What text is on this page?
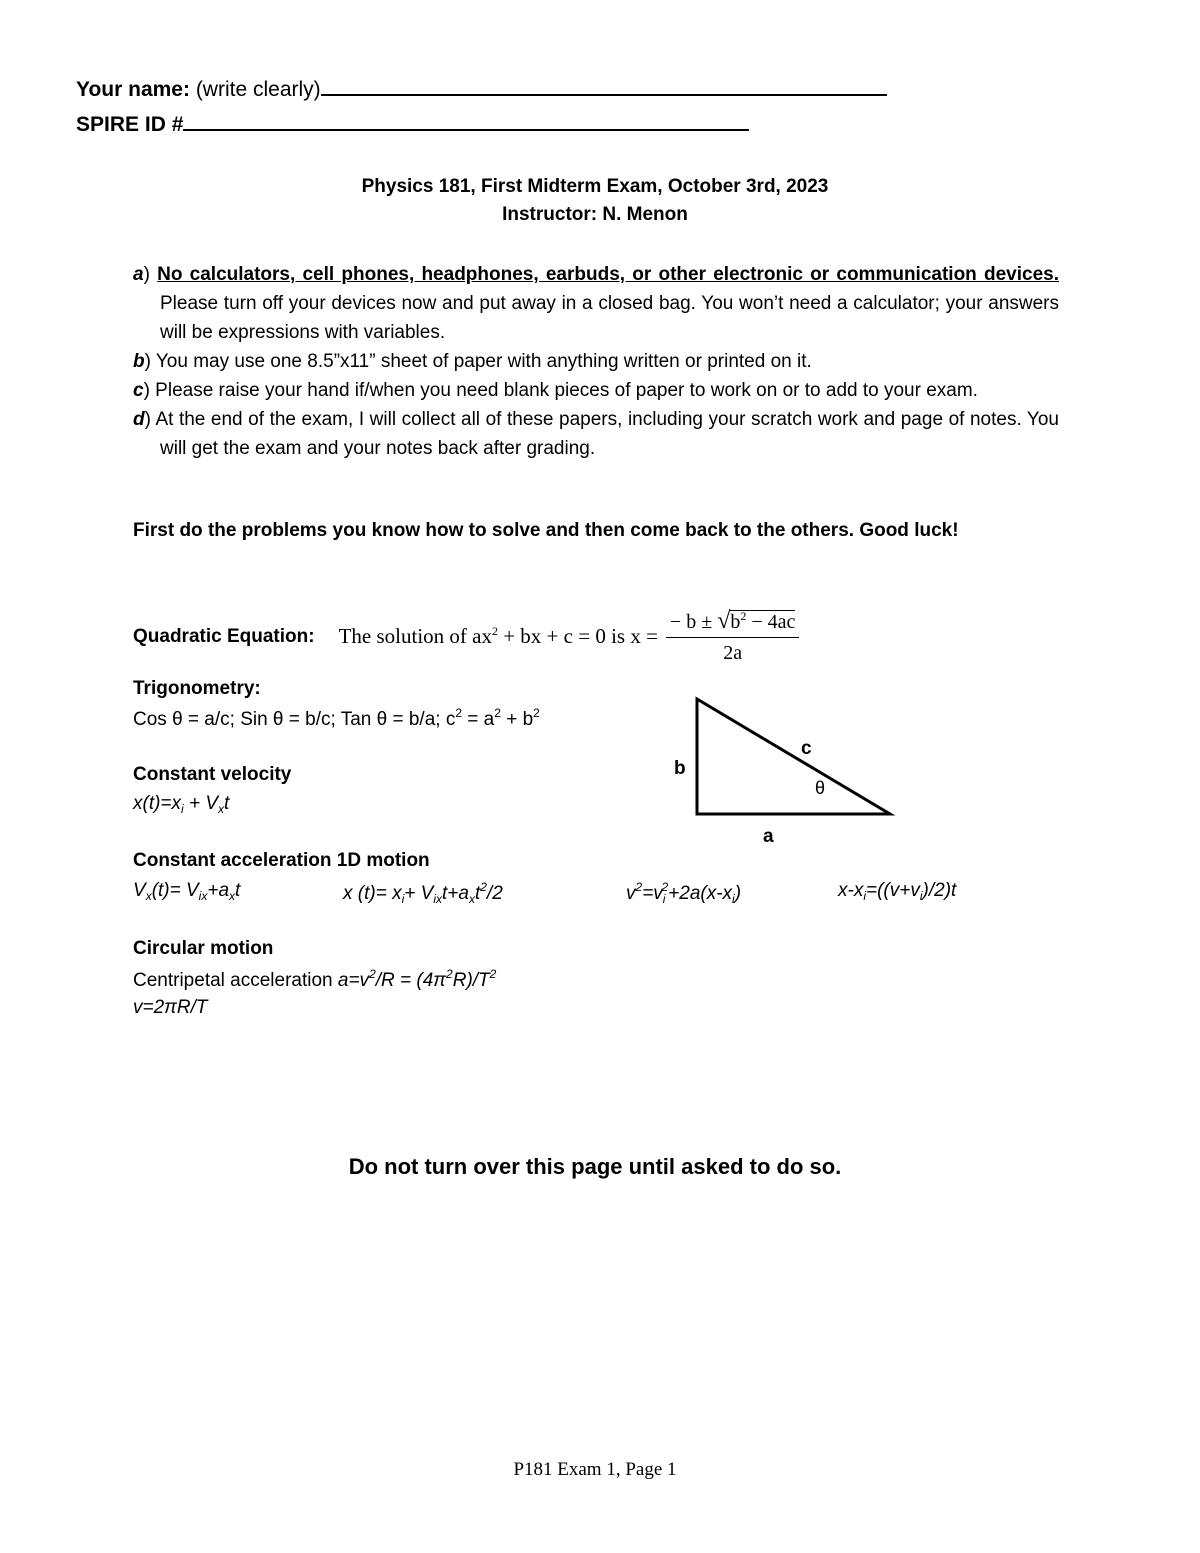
Your name: (write clearly)
SPIRE ID #
Physics 181, First Midterm Exam, October 3rd, 2023
Instructor: N. Menon
a) No calculators, cell phones, headphones, earbuds, or other electronic or communication devices. Please turn off your devices now and put away in a closed bag. You won’t need a calculator; your answers will be expressions with variables.
b) You may use one 8.5”x11” sheet of paper with anything written or printed on it.
c) Please raise your hand if/when you need blank pieces of paper to work on or to add to your exam.
d) At the end of the exam, I will collect all of these papers, including your scratch work and page of notes. You will get the exam and your notes back after grading.
First do the problems you know how to solve and then come back to the others. Good luck!
Quadratic Equation: The solution of $ax^2$ + bx + c = 0 is $x = \frac{- b \pm √b^2 - 4ac}{2a}$
Trigonometry:
Cos θ = a/c; Sin θ = b/c; Tan θ = b/a; $c^2 = a^2 + b^2$
b
c
a
θ
Constant velocity
$x(t)=x_i + V_xt$
Constant acceleration 1D motion
$V_x(t)= V_{ix}+a_xt$	x $(t)= x_i+ V_{ix}t+a_xt^2/2$	$v^2=v_i^2+2a(x-x_i)$	$x-x_i=((v+v_i)/2)t$
Circular motion
Centripetal acceleration $a=v^2/R = (4\pi^2R)/T^2$
v=2πR/T
Do not turn over this page until asked to do so.
P181 Exam 1, Page 1
